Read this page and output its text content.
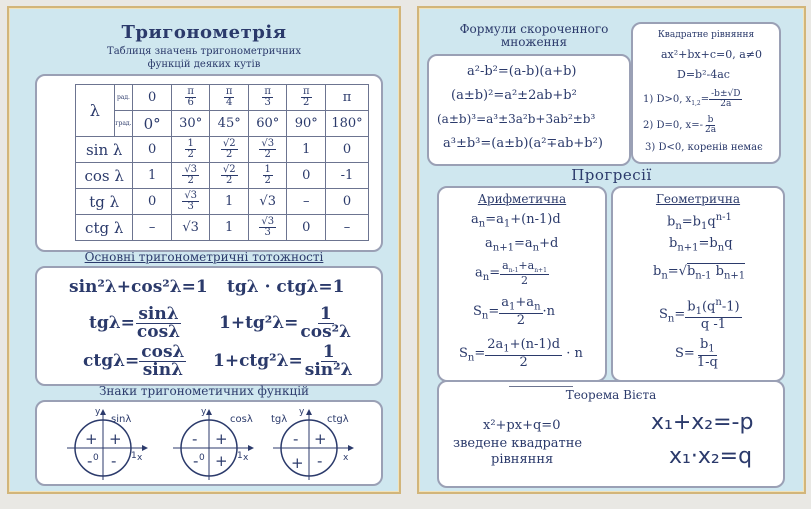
Тригонометрія
Таблиця значень тригонометричних
функцій деяких кутів
λ	рад.	0	$\frac{\pi}{6}$	$\frac{\pi}{4}$	$\frac{\pi}{3}$	$\frac{\pi}{2}$	π
	град.	0°	30°	45°	60°	90°	180°
sin λ		0	$\frac{1}{2}$	$\frac{√2}{2}$	$\frac{√3}{2}$	1	0
cos λ		1	$\frac{√3}{2}$	$\frac{√2}{2}$	$\frac{1}{2}$	0	-1
tg λ		0	$\frac{√3}{3}$	1	√3	–	0
ctg λ		–	√3	1	$\frac{√3}{3}$	0	–
Основні тригонометричні тотожності
sin²λ+cos²λ=1 tgλ · ctgλ=1
$tg\lambda= \frac{\sin\lambda}{\cos\lambda} 1+tg^2\lambda= \frac{1}{\text{cos²λ}}$
$ctg\lambda= \frac{\cos\lambda}{\sin\lambda} 1+ctg^2\lambda= \frac{1}{\text{sin²λ}}$
Знаки тригонометичних функцій
y
sinλ
x
+ +
- -
0	1
y
cosλ
x
- +
- +
0	1
y
tgλ	ctgλ
x
- +
+ -
Формули скороченного
множення
a²-b²=(a-b)(a+b)
(a±b)²=a²±2ab+b²
(a±b)³=a³±3a²b+3ab²±b³
a³±b³=(a±b)(a²∓ab+b²)
Квадратне рівняння
ax²+bx+c=0, a≠0
D=b²-4ac
1) D>0, $x_{1,2}= \frac{-b\pm√D}{2a}$
2) D=0, $x=- \frac{b}{2a}$
3) D<0, коренів немає
Прогресії
Арифметична
$a_n=a_1+(n-1)d$
$a_{n+1}=a_n+d$
$a_n= \frac{a_{n-1}+a_{n+1}}{2}$
$S_n= \frac{a_1+a_n}{2} \cdot n$
$S_n= \frac{2a_1+(n-1)d}{2} \cdot n$
Геометрична
$b_n=b_1q^{n-1}$
$b_{n+1}=b_nq$
$b_n=√b_{n-1}$ $b_{n+1}$
$S_n= \frac{b_1(q^n-1)}{q -1}$
$S= \frac{b_1}{1-q}$
Теорема Вієта
x²+px+q=0
зведене квадратне
рівняння
x₁+x₂=-p
x₁·x₂=q
